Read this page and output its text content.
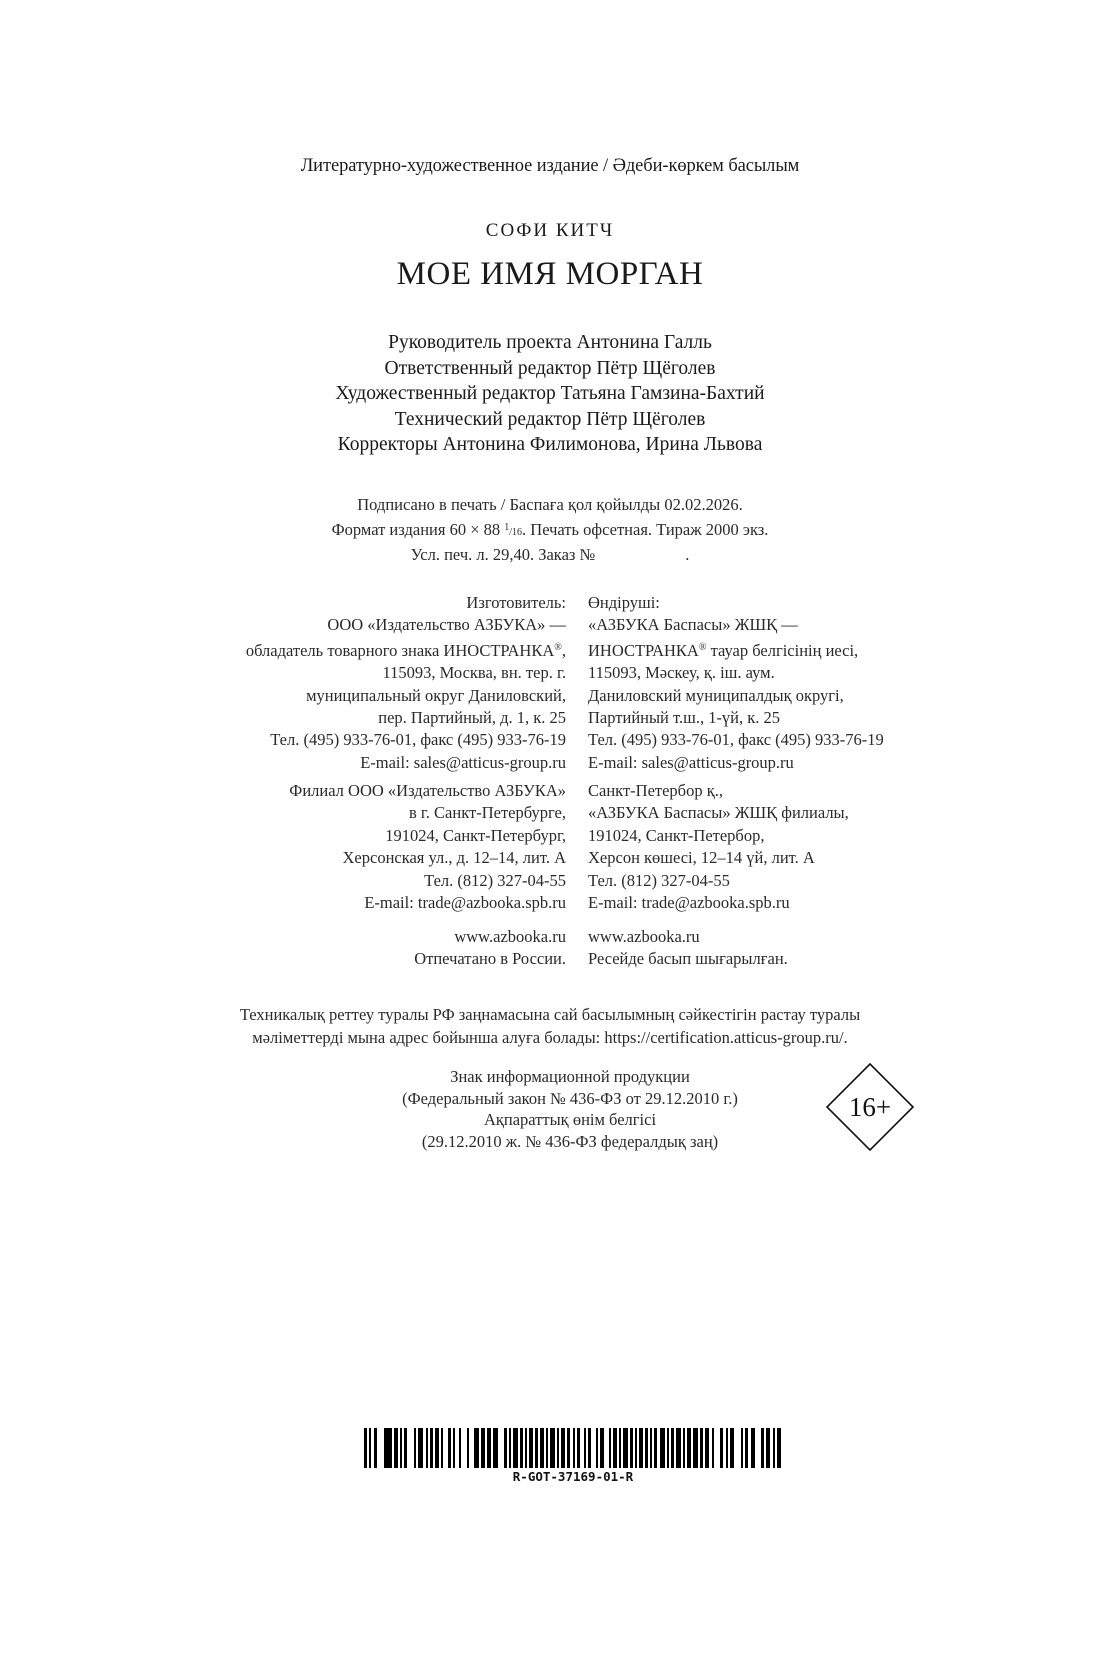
Литературно-художественное издание / Әдеби-көркем басылым
СОФИ КИТЧ
МОЕ ИМЯ МОРГАН
Руководитель проекта Антонина Галль
Ответственный редактор Пётр Щёголев
Художественный редактор Татьяна Гамзина-Бахтий
Технический редактор Пётр Щёголев
Корректоры Антонина Филимонова, Ирина Львова
Подписано в печать / Баспаға қол қойылды 02.02.2026.
Формат издания 60 × 88 $^1$/16. Печать офсетная. Тираж 2000 экз.
Усл. печ. л. 29,40. Заказ №	.
Изготовитель:
ООО «Издательство АЗБУКА» —
обладатель товарного знака ИНОСТРАНКА®,
115093, Москва, вн. тер. г.
муниципальный округ Даниловский,
пер. Партийный, д. 1, к. 25
Тел. (495) 933-76-01, факс (495) 933-76-19
E-mail: sales@atticus-group.ru
Өндіруші:
«АЗБУКА Баспасы» ЖШҚ —
ИНОСТРАНКА® тауар белгісінің иесі,
115093, Мәскеу, қ. іш. аум.
Даниловский муниципалдық округі,
Партийный т.ш., 1-үй, к. 25
Тел. (495) 933-76-01, факс (495) 933-76-19
E-mail: sales@atticus-group.ru
Филиал ООО «Издательство АЗБУКА»
в г. Санкт-Петербурге,
191024, Санкт-Петербург,
Херсонская ул., д. 12–14, лит. А
Тел. (812) 327-04-55
E-mail: trade@azbooka.spb.ru
Санкт-Петербор қ.,
«АЗБУКА Баспасы» ЖШҚ филиалы,
191024, Санкт-Петербор,
Херсон көшесі, 12–14 үй, лит. А
Тел. (812) 327-04-55
E-mail: trade@azbooka.spb.ru
www.azbooka.ru
Отпечатано в России.
www.azbooka.ru
Ресейде басып шығарылған.
Техникалық реттеу туралы РФ заңнамасына сай басылымның сәйкестігін растау туралы
мәліметтерді мына адрес бойынша алуға болады: https://certification.atticus-group.ru/.
Знак информационной продукции
(Федеральный закон № 436-ФЗ от 29.12.2010 г.)
Ақпараттық өнім белгісі
(29.12.2010 ж. № 436-ФЗ федералдық заң)
16+
R-GOT-37169-01-R
